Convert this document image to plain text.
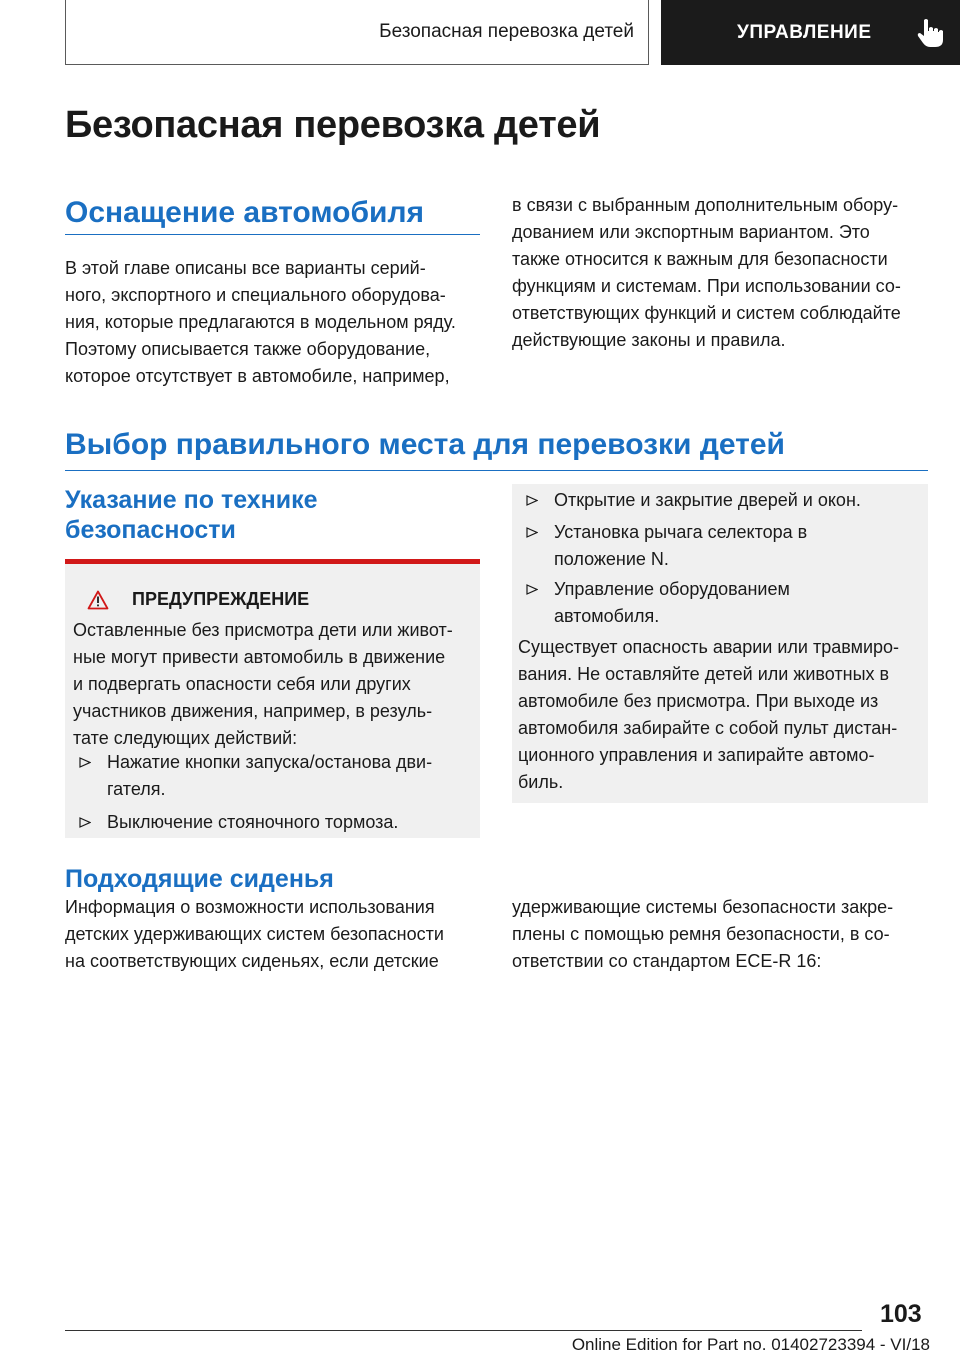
Безопасная перевозка детей	УПРАВЛЕНИЕ
Безопасная перевозка детей
Оснащение автомобиля

В этой главе описаны все варианты серий-

ного, экспортного и специального оборудова-

ния, которые предлагаются в модельном ряду.

Поэтому описывается также оборудование,

которое отсутствует в автомобиле, например,

в связи с выбранным дополнительным обору-

дованием или экспортным вариантом. Это

также относится к важным для безопасности

функциям и системам. При использовании со-

ответствующих функций и систем соблюдайте

действующие законы и правила.

Выбор правильного места для перевозки детей
Указание по технике
безопасности
ПРЕДУПРЕЖДЕНИЕ

Оставленные без присмотра дети или живот-

ные могут привести автомобиль в движение

и подвергать опасности себя или других

участников движения, например, в резуль-

тате следующих действий:

Нажатие кнопки запуска/останова дви-

гателя.

Выключение стояночного тормоза.

Открытие и закрытие дверей и окон.

Установка рычага селектора в

положение N.

Управление оборудованием

автомобиля.

Существует опасность аварии или травмиро-

вания. Не оставляйте детей или животных в

автомобиле без присмотра. При выходе из

автомобиля забирайте с собой пульт дистан-

ционного управления и запирайте автомо-

биль.

Подходящие сиденья

Информация о возможности использования

детских удерживающих систем безопасности

на соответствующих сиденьях, если детские

удерживающие системы безопасности закре-

плены с помощью ремня безопасности, в со-

ответствии со стандартом ECE-R 16:

103
Online Edition for Part no. 01402723394 - VI/18
